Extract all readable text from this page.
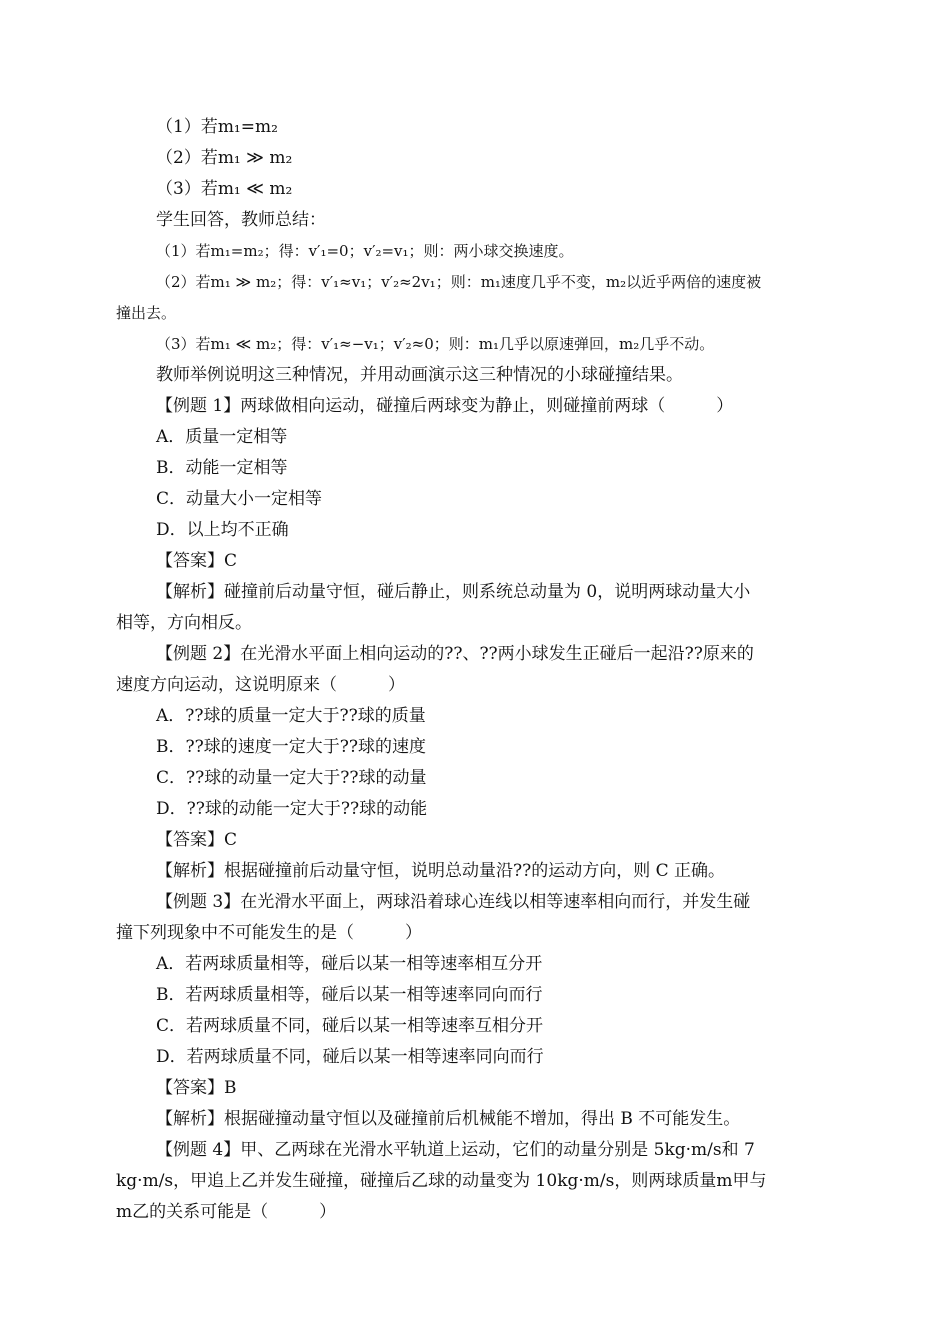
（1）若m₁=m₂
（2）若m₁ ≫ m₂
（3）若m₁ ≪ m₂
学生回答，教师总结：
（1）若m₁=m₂；得：v′₁=0；v′₂=v₁；则：两小球交换速度。
（2）若m₁ ≫ m₂；得：v′₁≈v₁；v′₂≈2v₁；则：m₁速度几乎不变，m₂以近乎两倍的速度被
撞出去。
（3）若m₁ ≪ m₂；得：v′₁≈−v₁；v′₂≈0；则：m₁几乎以原速弹回，m₂几乎不动。
教师举例说明这三种情况，并用动画演示这三种情况的小球碰撞结果。
【例题 1】两球做相向运动，碰撞后两球变为静止，则碰撞前两球（　　　）
A．质量一定相等
B．动能一定相等
C．动量大小一定相等
D．以上均不正确
【答案】C
【解析】碰撞前后动量守恒，碰后静止，则系统总动量为 0，说明两球动量大小
相等，方向相反。
【例题 2】在光滑水平面上相向运动的??、??两小球发生正碰后一起沿??原来的
速度方向运动，这说明原来（　　　）
A．??球的质量一定大于??球的质量
B．??球的速度一定大于??球的速度
C．??球的动量一定大于??球的动量
D．??球的动能一定大于??球的动能
【答案】C
【解析】根据碰撞前后动量守恒，说明总动量沿??的运动方向，则 C 正确。
【例题 3】在光滑水平面上，两球沿着球心连线以相等速率相向而行，并发生碰
撞下列现象中不可能发生的是（　　　）
A．若两球质量相等，碰后以某一相等速率相互分开
B．若两球质量相等，碰后以某一相等速率同向而行
C．若两球质量不同，碰后以某一相等速率互相分开
D．若两球质量不同，碰后以某一相等速率同向而行
【答案】B
【解析】根据碰撞动量守恒以及碰撞前后机械能不增加，得出 B 不可能发生。
【例题 4】甲、乙两球在光滑水平轨道上运动，它们的动量分别是 5kg·m/s和 7
kg·m/s，甲追上乙并发生碰撞，碰撞后乙球的动量变为 10kg·m/s，则两球质量m甲与
m乙的关系可能是（　　　）
